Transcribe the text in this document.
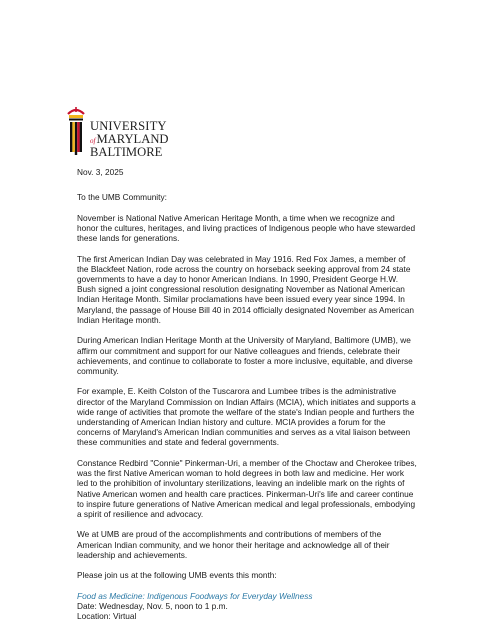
UNIVERSITY
ofMARYLAND
BALTIMORE

Nov. 3, 2025

To the UMB Community:

November is National Native American Heritage Month, a time when we recognize and honor the cultures, heritages, and living practices of Indigenous people who have stewarded these lands for generations.

The first American Indian Day was celebrated in May 1916. Red Fox James, a member of the Blackfeet Nation, rode across the country on horseback seeking approval from 24 state governments to have a day to honor American Indians. In 1990, President George H.W. Bush signed a joint congressional resolution designating November as National American Indian Heritage Month. Similar proclamations have been issued every year since 1994. In Maryland, the passage of House Bill 40 in 2014 officially designated November as American Indian Heritage month.

During American Indian Heritage Month at the University of Maryland, Baltimore (UMB), we affirm our commitment and support for our Native colleagues and friends, celebrate their achievements, and continue to collaborate to foster a more inclusive, equitable, and diverse community.

For example, E. Keith Colston of the Tuscarora and Lumbee tribes is the administrative director of the Maryland Commission on Indian Affairs (MCIA), which initiates and supports a wide range of activities that promote the welfare of the state's Indian people and furthers the understanding of American Indian history and culture. MCIA provides a forum for the concerns of Maryland's American Indian communities and serves as a vital liaison between these communities and state and federal governments.

Constance Redbird "Connie" Pinkerman-Uri, a member of the Choctaw and Cherokee tribes, was the first Native American woman to hold degrees in both law and medicine. Her work led to the prohibition of involuntary sterilizations, leaving an indelible mark on the rights of Native American women and health care practices. Pinkerman-Uri's life and career continue to inspire future generations of Native American medical and legal professionals, embodying a spirit of resilience and advocacy.

We at UMB are proud of the accomplishments and contributions of members of the American Indian community, and we honor their heritage and acknowledge all of their leadership and achievements.

Please join us at the following UMB events this month:

Food as Medicine: Indigenous Foodways for Everyday Wellness
Date: Wednesday, Nov. 5, noon to 1 p.m.
Location: Virtual
